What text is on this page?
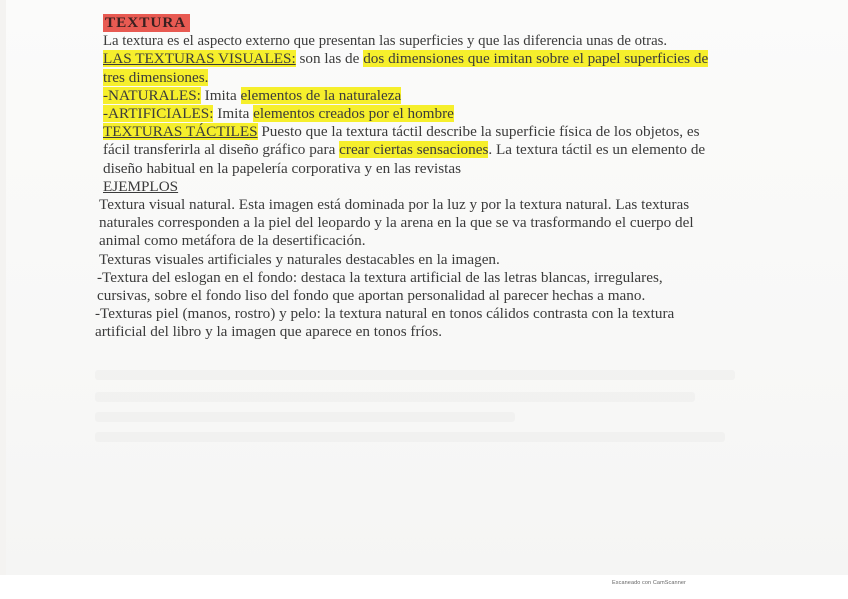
TEXTURA
La textura es el aspecto externo que presentan las superficies y que las diferencia unas de otras.
LAS TEXTURAS VISUALES: son las de dos dimensiones que imitan sobre el papel superficies de
tres dimensiones.
-NATURALES: Imita elementos de la naturaleza
-ARTIFICIALES: Imita elementos creados por el hombre
TEXTURAS TÁCTILES Puesto que la textura táctil describe la superficie física de los objetos, es
fácil transferirla al diseño gráfico para crear ciertas sensaciones. La textura táctil es un elemento de
diseño habitual en la papelería corporativa y en las revistas
EJEMPLOS
Textura visual natural. Esta imagen está dominada por la luz y por la textura natural. Las texturas
naturales corresponden a la piel del leopardo y la arena en la que se va trasformando el cuerpo del
animal como metáfora de la desertificación.
Texturas visuales artificiales y naturales destacables en la imagen.
-Textura del eslogan en el fondo: destaca la textura artificial de las letras blancas, irregulares,
cursivas, sobre el fondo liso del fondo que aportan personalidad al parecer hechas a mano.
-Texturas piel (manos, rostro) y pelo: la textura natural en tonos cálidos contrasta con la textura
artificial del libro y la imagen que aparece en tonos fríos.
Escaneado con CamScanner
